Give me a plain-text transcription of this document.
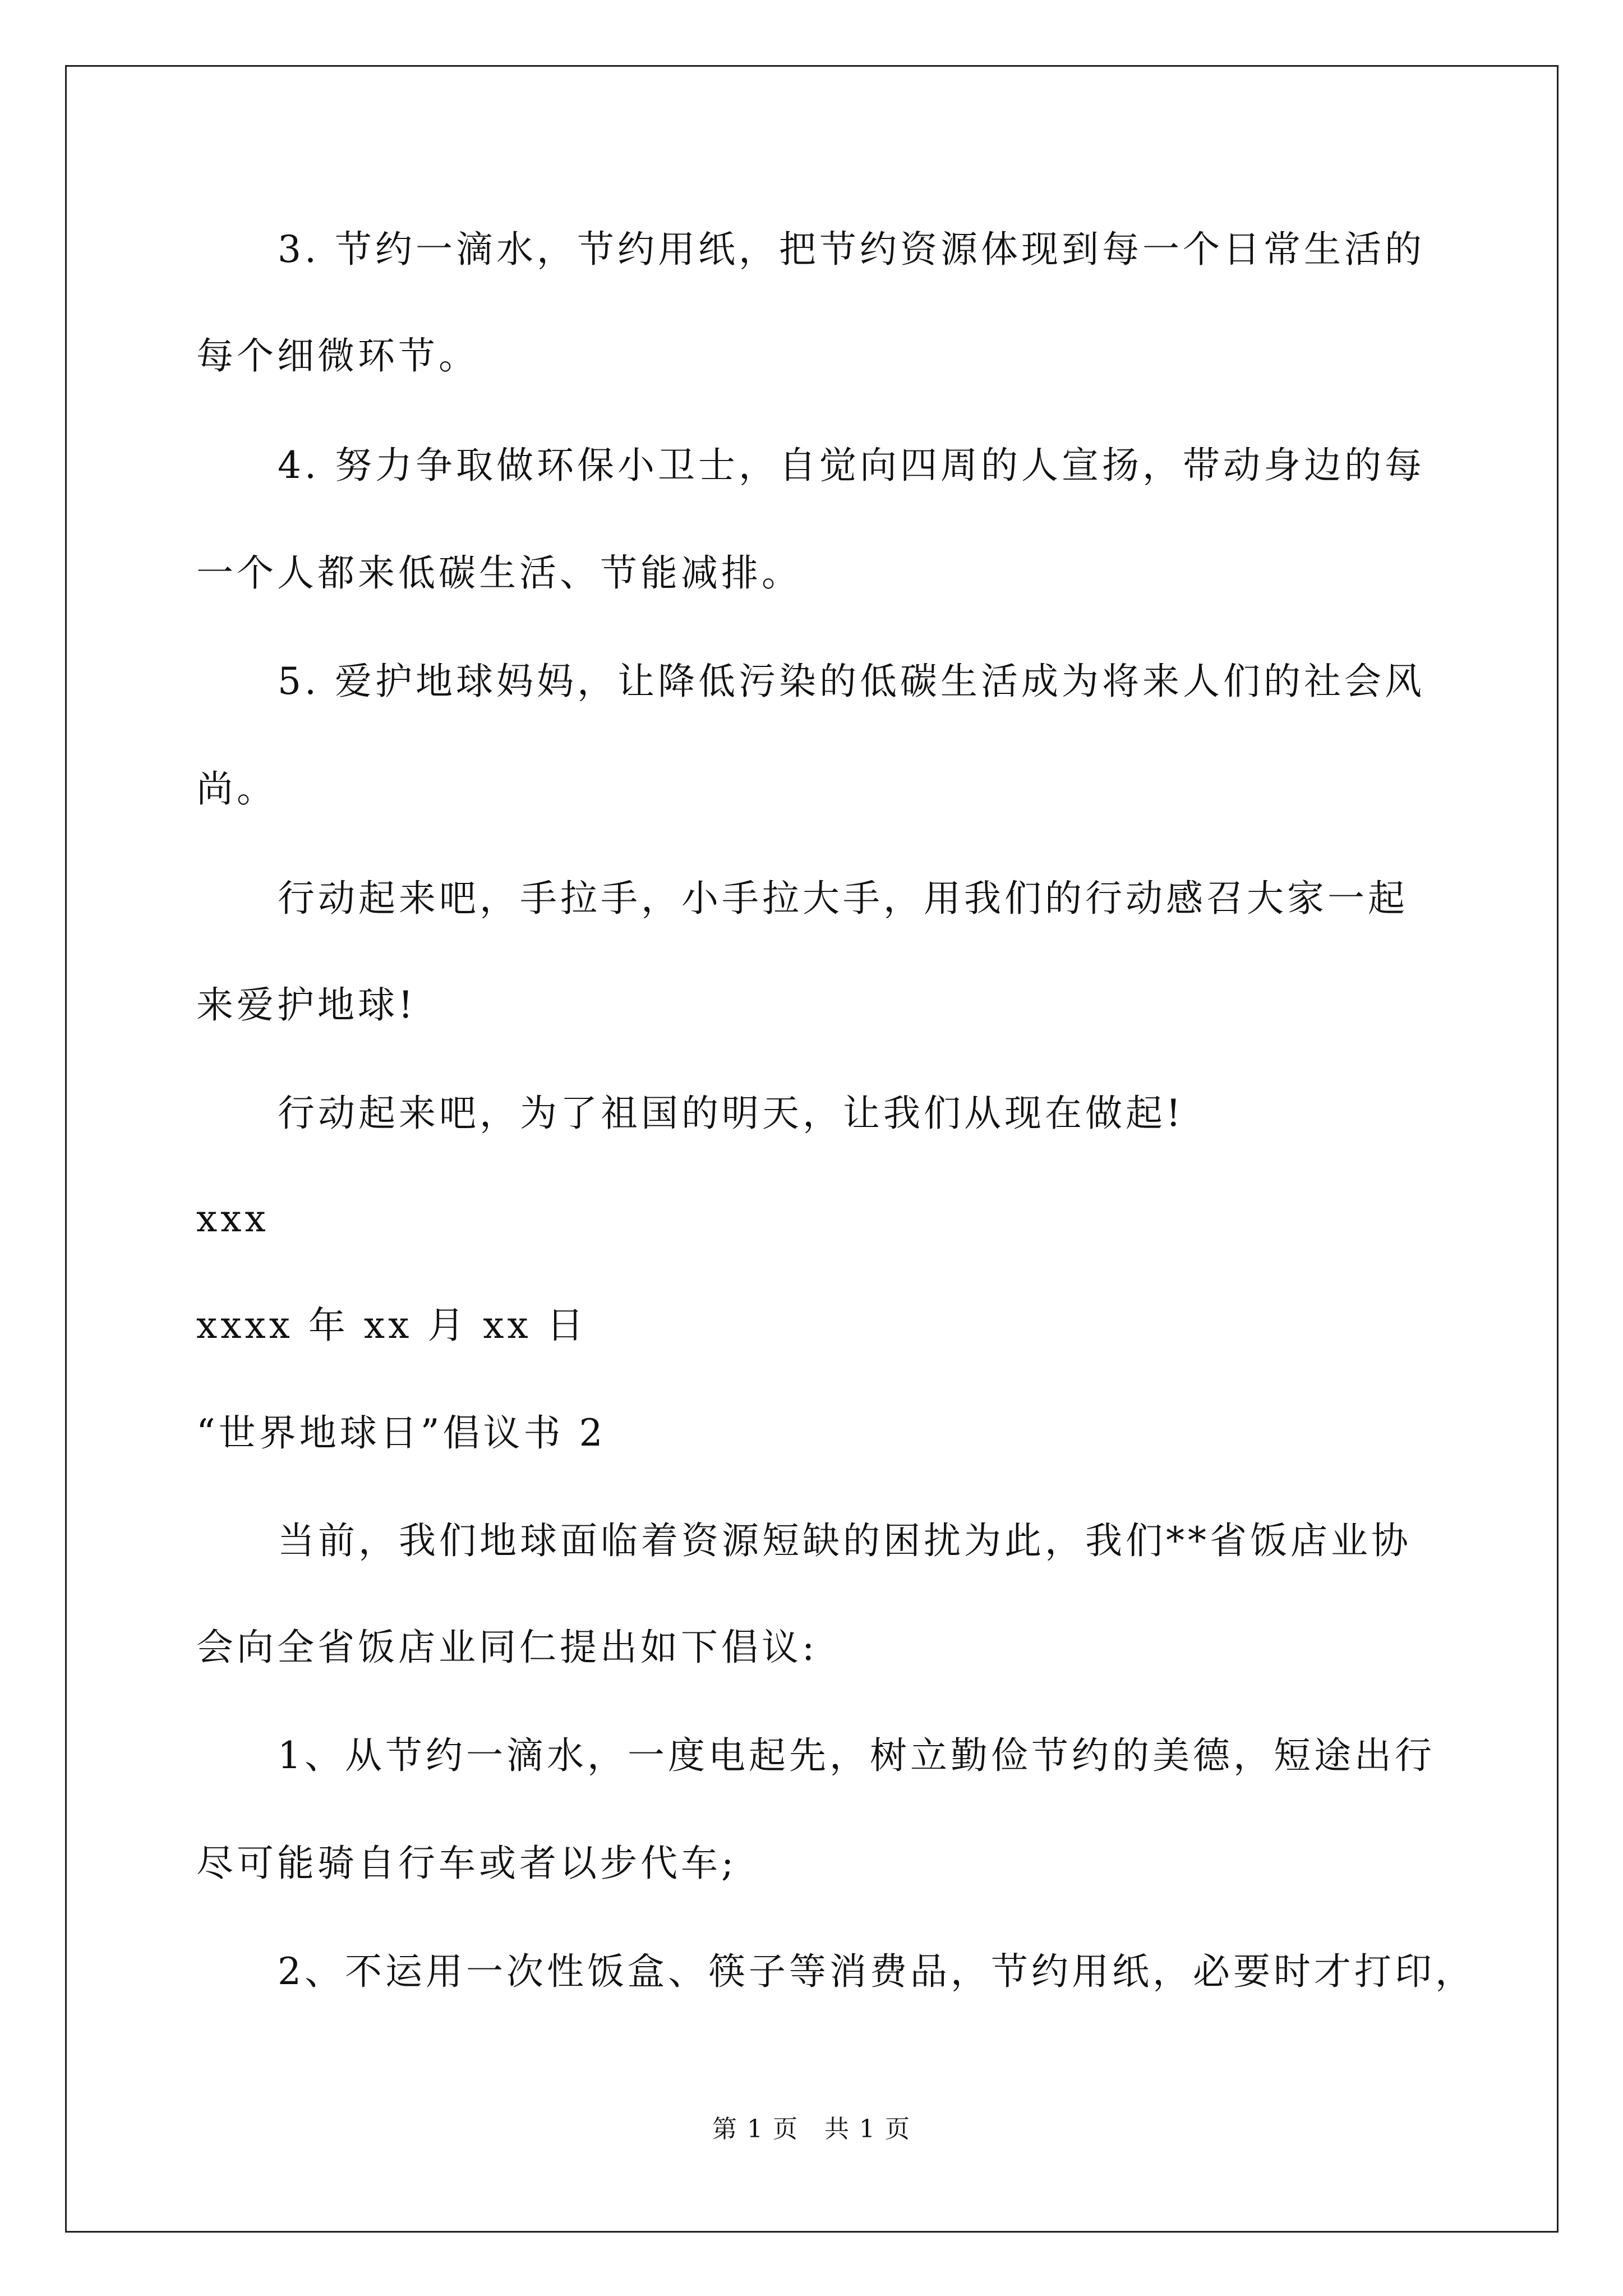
3. 节约一滴水，节约用纸，把节约资源体现到每一个日常生活的
每个细微环节。
4. 努力争取做环保小卫士，自觉向四周的人宣扬，带动身边的每
一个人都来低碳生活、节能减排。
5. 爱护地球妈妈，让降低污染的低碳生活成为将来人们的社会风
尚。
行动起来吧，手拉手，小手拉大手，用我们的行动感召大家一起
来爱护地球!
行动起来吧，为了祖国的明天，让我们从现在做起!
xxx
xxxx 年 xx 月 xx 日
“世界地球日”倡议书 2
当前，我们地球面临着资源短缺的困扰为此，我们**省饭店业协
会向全省饭店业同仁提出如下倡议:
1、从节约一滴水，一度电起先，树立勤俭节约的美德，短途出行
尽可能骑自行车或者以步代车;
2、不运用一次性饭盒、筷子等消费品，节约用纸，必要时才打印，
第 1 页　共 1 页
